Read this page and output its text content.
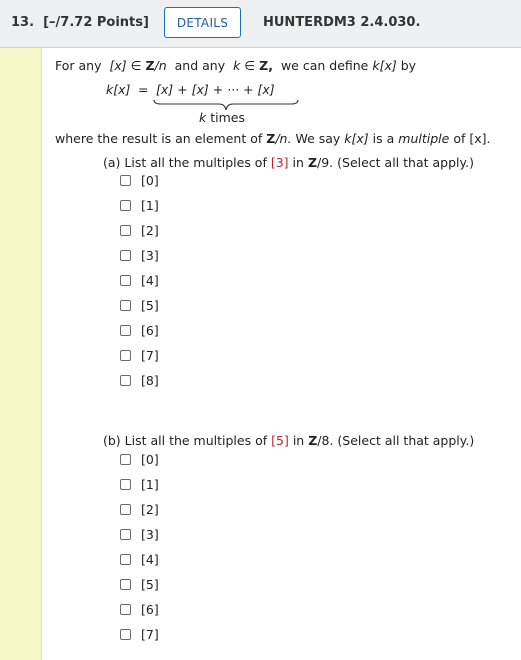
13. [–/7.72 Points]	DETAILS	HUNTERDM3 2.4.030.
For any [x] ∈ Z/n and any k ∈ Z, we can define k[x] by
k[x] = [x] + [x] + ··· + [x]
k times
where the result is an element of Z/n. We say k[x] is a multiple of [x].
(a) List all the multiples of [3] in Z/9. (Select all that apply.)
[0]
[1]
[2]
[3]
[4]
[5]
[6]
[7]
[8]
(b) List all the multiples of [5] in Z/8. (Select all that apply.)
[0]
[1]
[2]
[3]
[4]
[5]
[6]
[7]
